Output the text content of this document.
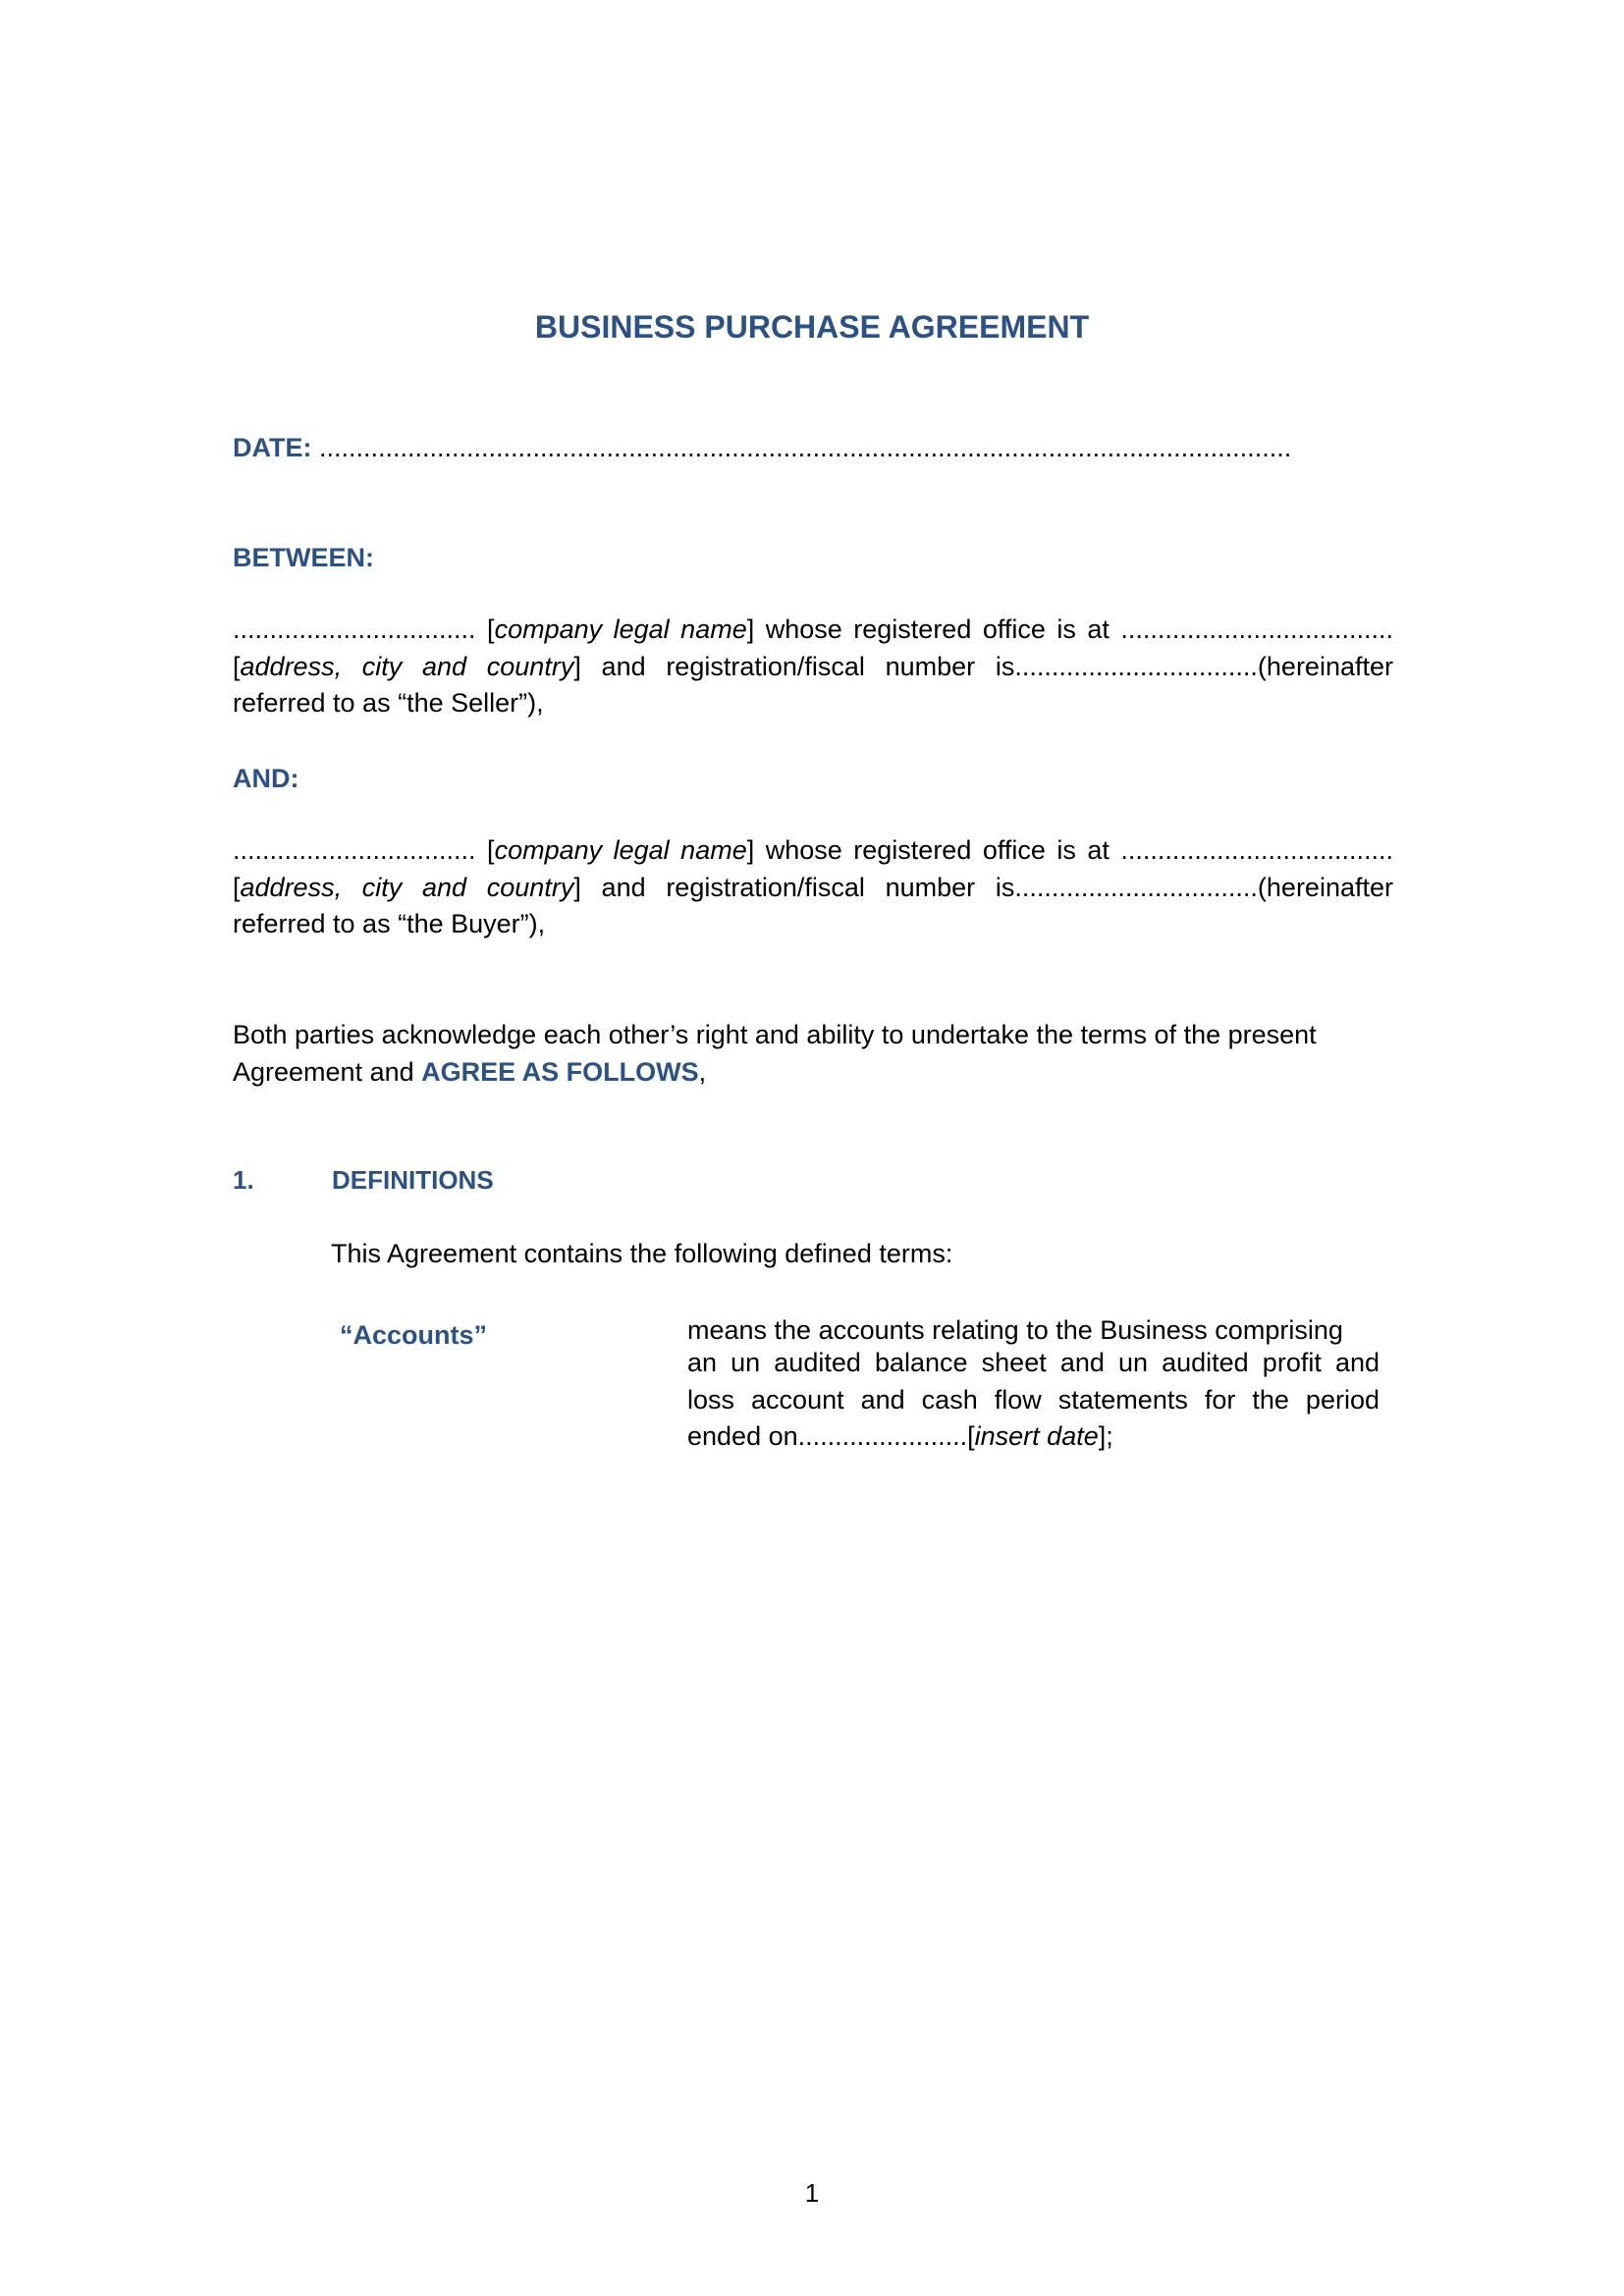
BUSINESS PURCHASE AGREEMENT
DATE: ....................................................................................................................................
BETWEEN:
................................. [company legal name] whose registered office is at .....................................
[address, city and country] and registration/fiscal number is.................................(hereinafter
referred to as “the Seller”),
AND:
................................. [company legal name] whose registered office is at .....................................
[address, city and country] and registration/fiscal number is.................................(hereinafter
referred to as “the Buyer”),
Both parties acknowledge each other’s right and ability to undertake the terms of the present
Agreement and AGREE AS FOLLOWS,
1.	DEFINITIONS
This Agreement contains the following defined terms:
“Accounts”	means the accounts relating to the Business comprising
an un audited balance sheet and un audited profit and
loss account and cash flow statements for the period
ended on.......................[insert date];
1
